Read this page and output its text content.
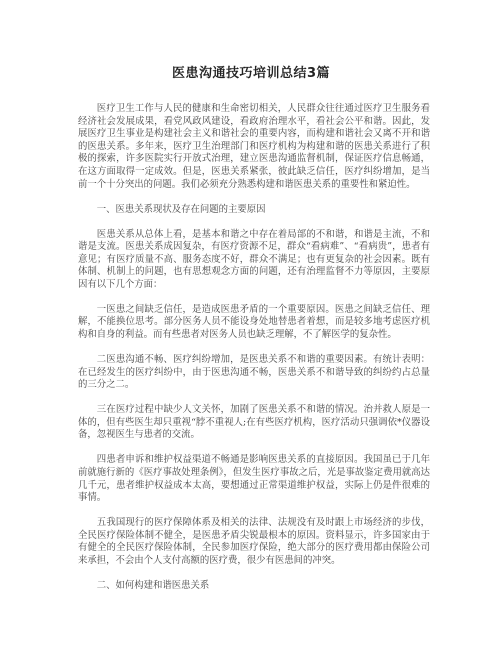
医患沟通技巧培训总结3篇

医疗卫生工作与人民的健康和生命密切相关，人民群众往往通过医疗卫生服务看经济社会发展成果，看党风政风建设，看政府治理水平，看社会公平和谐。因此，发展医疗卫生事业是构建社会主义和谐社会的重要内容，而构建和谐社会又离不开和谐的医患关系。多年来，医疗卫生治理部门和医疗机构为构建和谐的医患关系进行了积极的探索，许多医院实行开放式治理，建立医患沟通监督机制，保证医疗信息畅通，在这方面取得一定成效。但是，医患关系紧张，彼此缺乏信任，医疗纠纷增加，是当前一个十分突出的问题。我们必须充分熟悉构建和谐医患关系的重要性和紧迫性。

一、医患关系现状及存在问题的主要原因

医患关系从总体上看，是基本和谐之中存在着局部的不和谐，和谐是主流，不和谐是支流。医患关系成因复杂，有医疗资源不足，群众“看病难”、“看病贵”，患者有意见；有医疗质量不高、服务态度不好，群众不满足；也有更复杂的社会因素。既有体制、机制上的问题，也有思想观念方面的问题，还有治理监督不力等原因，主要原因有以下几个方面：

一医患之间缺乏信任，是造成医患矛盾的一个重要原因。医患之间缺乏信任、理解，不能换位思考。部分医务人员不能设身处地替患者着想，而是较多地考虑医疗机构和自身的利益。而有些患者对医务人员也缺乏理解，不了解医学的复杂性。

二医患沟通不畅、医疗纠纷增加，是医患关系不和谐的重要因素。有统计表明：在已经发生的医疗纠纷中，由于医患沟通不畅，医患关系不和谐导致的纠纷约占总量的三分之二。

三在医疗过程中缺少人文关怀，加剧了医患关系不和谐的情况。治并救人原是一体的，但有些医生却只重视“脖不重视人;在有些医疗机构，医疗活动只强调依*仪器设备，忽视医生与患者的交流。

四患者申诉和维护权益渠道不畅通是影响医患关系的直接原因。我国虽已于几年前就施行新的《医疗事故处理条例》，但发生医疗事故之后，光是事故鉴定费用就高达几千元，患者维护权益成本太高，要想通过正常渠道维护权益，实际上仍是件很难的事情。

五我国现行的医疗保障体系及相关的法律、法规没有及时跟上市场经济的步伐，全民医疗保险体制不健全，是医患矛盾尖锐最根本的原因。资料显示，许多国家由于有健全的全民医疗保险体制，全民参加医疗保险，绝大部分的医疗费用都由保险公司来承担，不会由个人支付高额的医疗费，很少有医患间的冲突。

二、如何构建和谐医患关系
